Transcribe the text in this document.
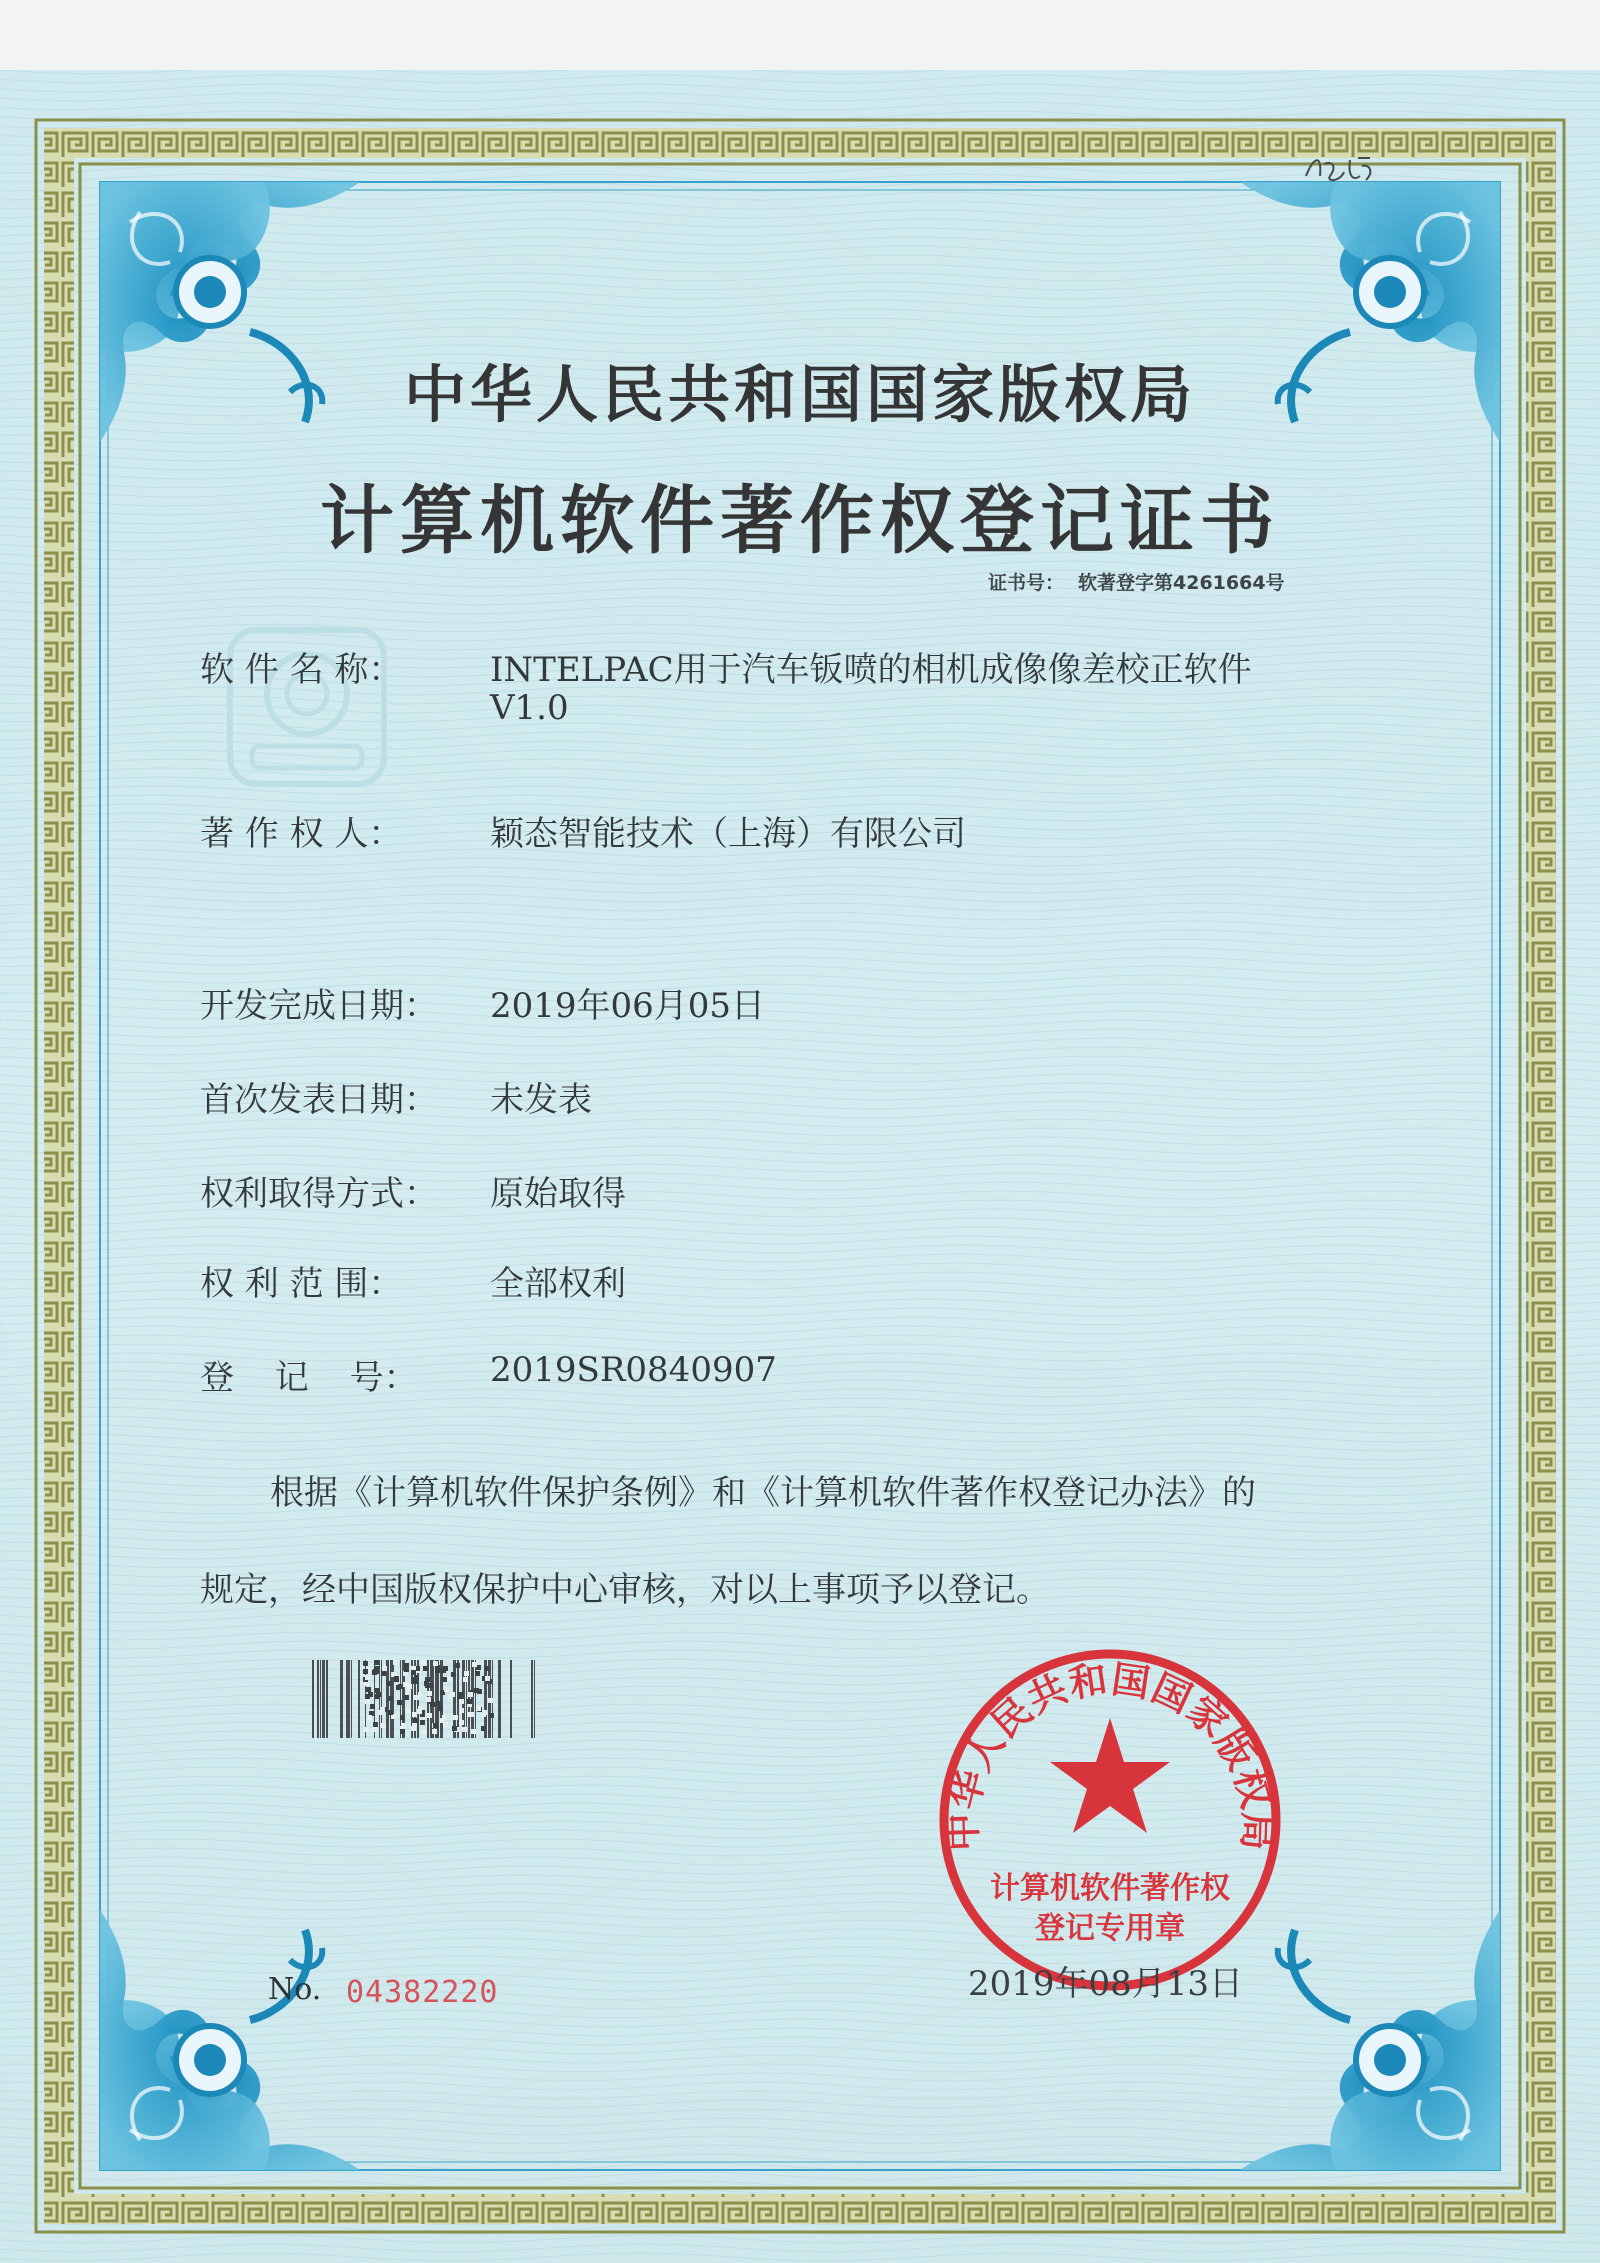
中华人民共和国国家版权局
计算机软件著作权登记证书
证书号： 软著登字第4261664号
软 件 名 称：	INTELPAC用于汽车钣喷的相机成像像差校正软件
V1.0
著 作 权 人：	颖态智能技术（上海）有限公司
开发完成日期： 2019年06月05日
首次发表日期： 未发表
权利取得方式： 原始取得
权 利 范 围：	全部权利
登 记 号： 2019SR0840907
根据《计算机软件保护条例》和《计算机软件著作权登记办法》的
规定，经中国版权保护中心审核，对以上事项予以登记。
中华人民共和国国家版权局
计算机软件著作权
登记专用章
No. 04382220	2019年08月13日
